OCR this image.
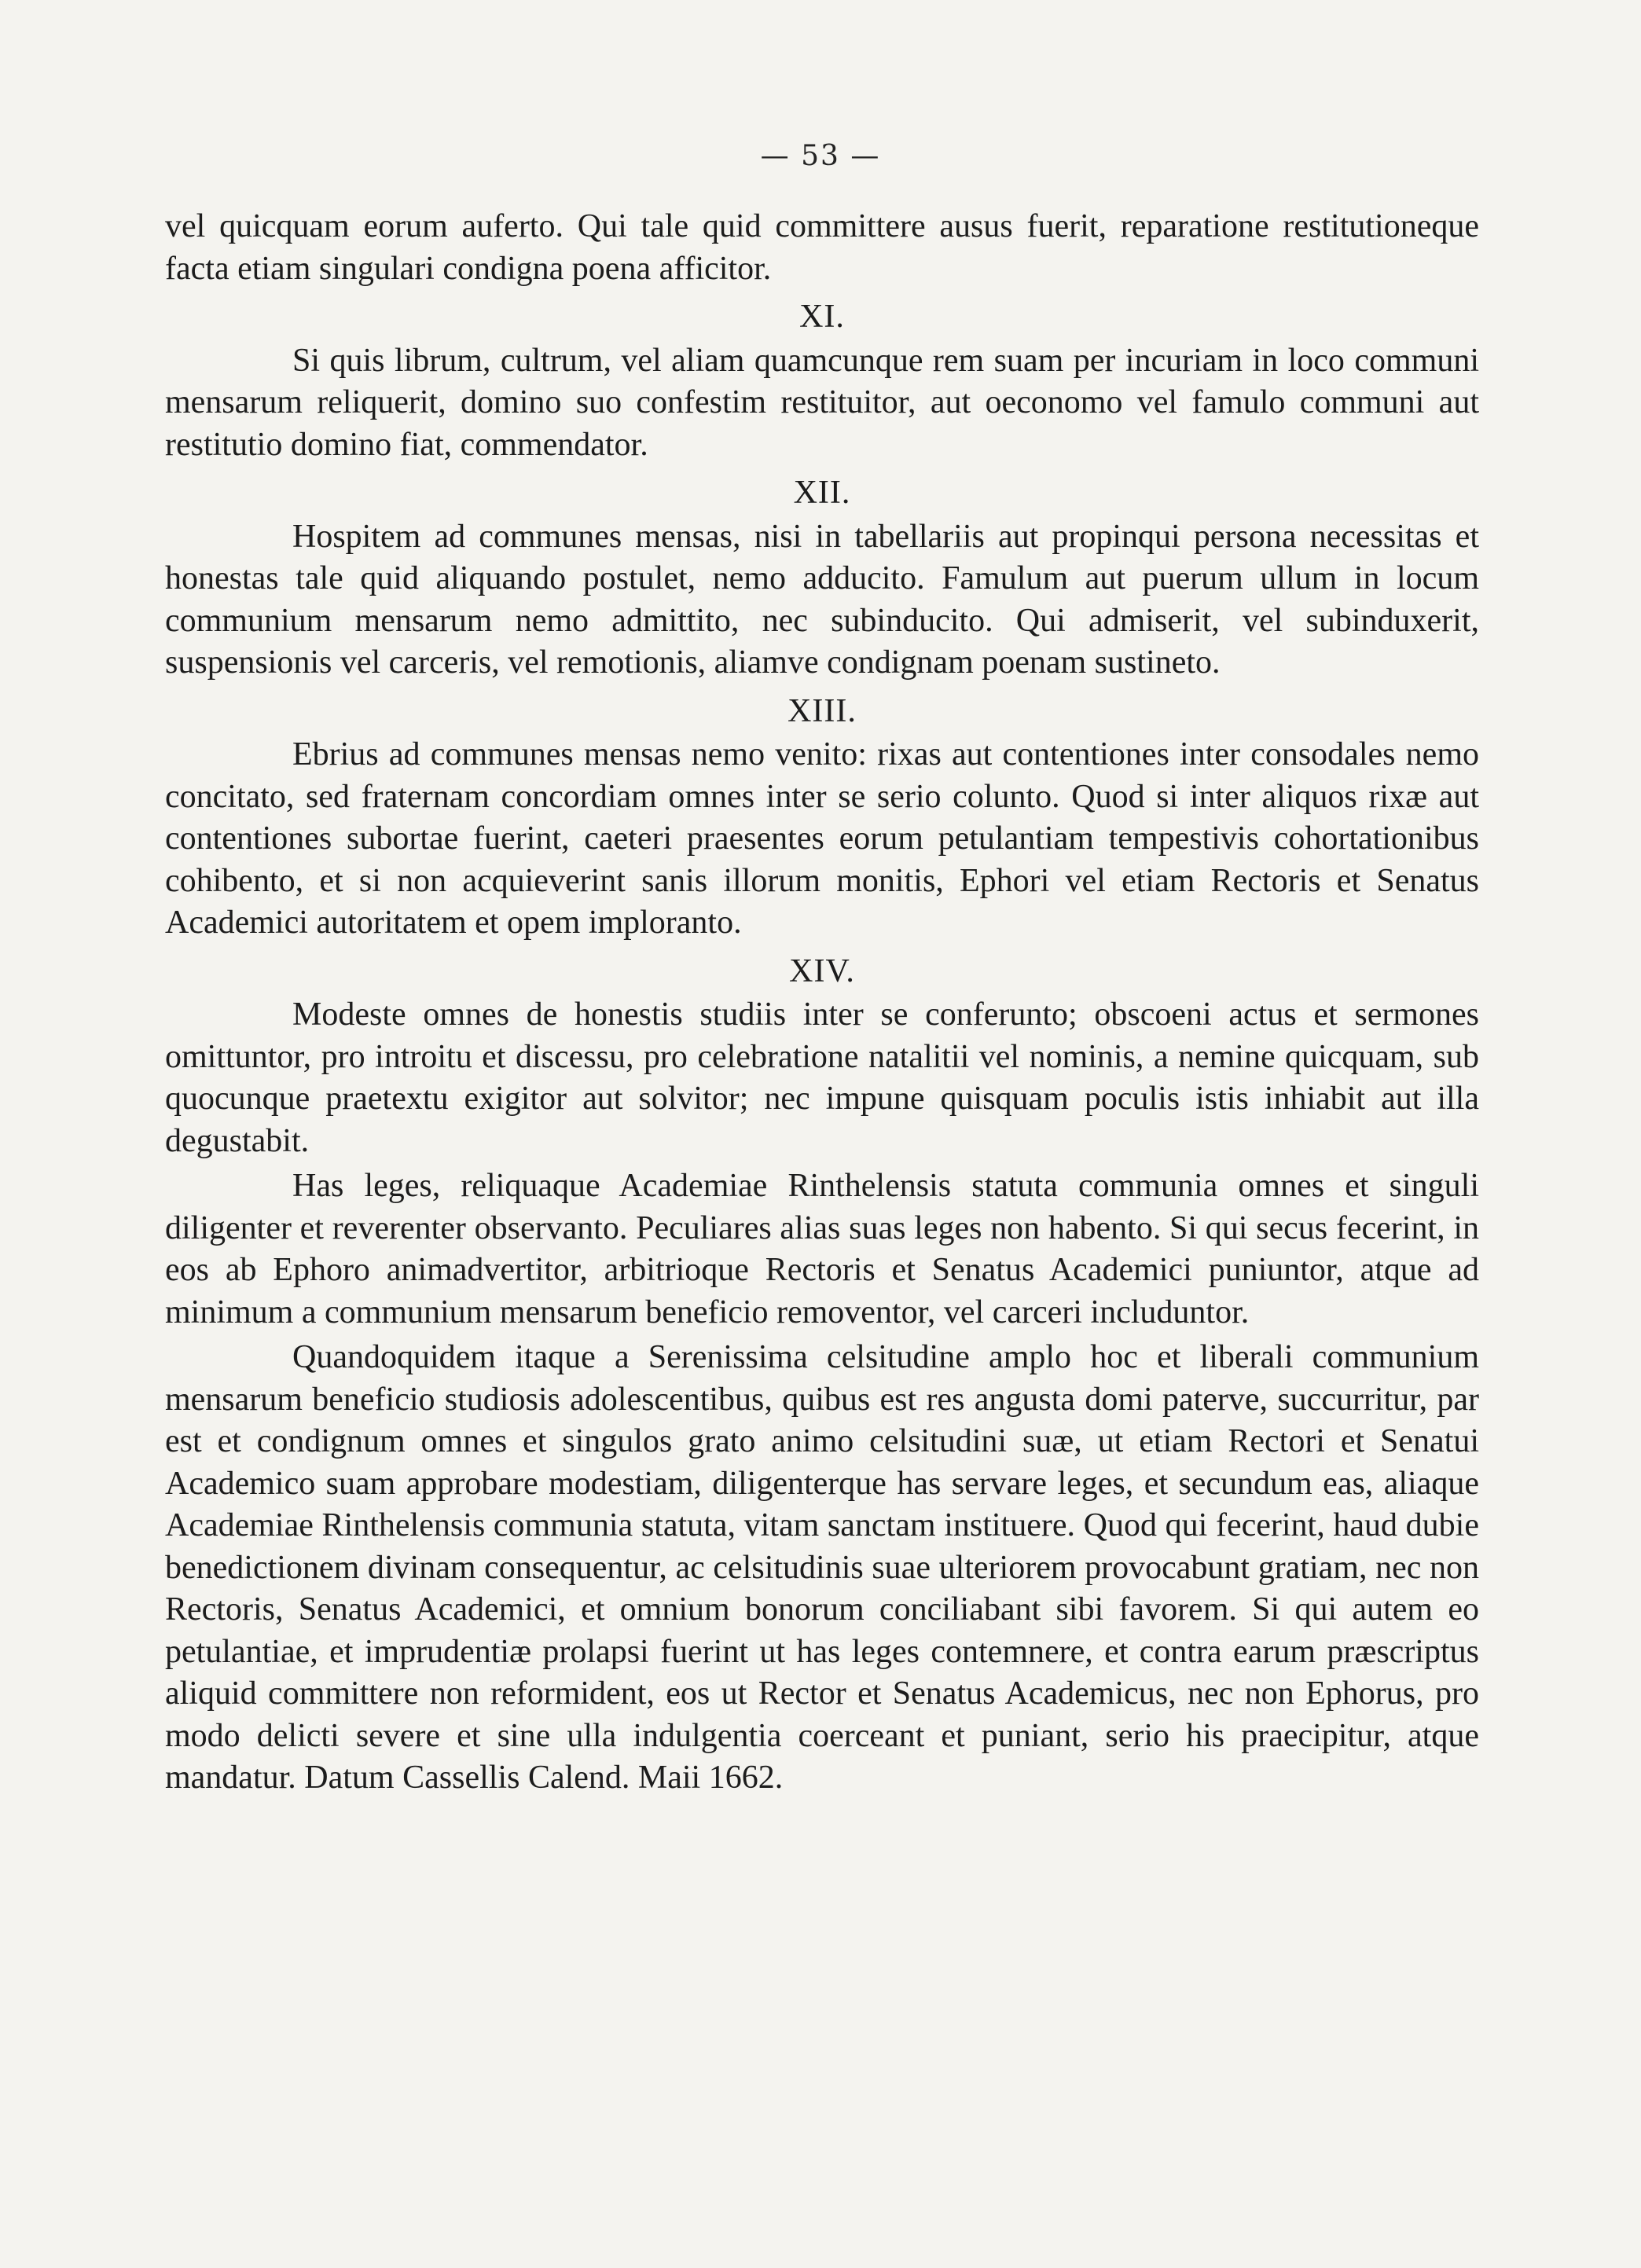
— 53 —

vel quicquam eorum auferto. Qui tale quid committere ausus fuerit, reparatione restitutioneque facta etiam singulari condigna poena afficitor.

XI.

Si quis librum, cultrum, vel aliam quamcunque rem suam per incuriam in loco communi mensarum reliquerit, domino suo confestim restituitor, aut oeconomo vel famulo communi aut restitutio domino fiat, commendator.

XII.

Hospitem ad communes mensas, nisi in tabellariis aut propinqui persona necessitas et honestas tale quid aliquando postulet, nemo adducito. Famulum aut puerum ullum in locum communium mensarum nemo admittito, nec subinducito. Qui admiserit, vel subinduxerit, suspensionis vel carceris, vel remotionis, aliamve condignam poenam sustineto.

XIII.

Ebrius ad communes mensas nemo venito: rixas aut contentiones inter consodales nemo concitato, sed fraternam concordiam omnes inter se serio colunto. Quod si inter aliquos rixæ aut contentiones subortae fuerint, caeteri praesentes eorum petulantiam tempestivis cohortationibus cohibento, et si non acquieverint sanis illorum monitis, Ephori vel etiam Rectoris et Senatus Academici autoritatem et opem imploranto.

XIV.

Modeste omnes de honestis studiis inter se conferunto; obscoeni actus et sermones omittuntor, pro introitu et discessu, pro celebratione natalitii vel nominis, a nemine quicquam, sub quocunque praetextu exigitor aut solvitor; nec impune quisquam poculis istis inhiabit aut illa degustabit.

Has leges, reliquaque Academiae Rinthelensis statuta communia omnes et singuli diligenter et reverenter observanto. Peculiares alias suas leges non habento. Si qui secus fecerint, in eos ab Ephoro animadvertitor, arbitrioque Rectoris et Senatus Academici puniuntor, atque ad minimum a communium mensarum beneficio removentor, vel carceri includuntor.

Quandoquidem itaque a Serenissima celsitudine amplo hoc et liberali communium mensarum beneficio studiosis adolescentibus, quibus est res angusta domi paterve, succurritur, par est et condignum omnes et singulos grato animo celsitudini suæ, ut etiam Rectori et Senatui Academico suam approbare modestiam, diligenterque has servare leges, et secundum eas, aliaque Academiae Rinthelensis communia statuta, vitam sanctam instituere. Quod qui fecerint, haud dubie benedictionem divinam consequentur, ac celsitudinis suae ulteriorem provocabunt gratiam, nec non Rectoris, Senatus Academici, et omnium bonorum conciliabant sibi favorem. Si qui autem eo petulantiae, et imprudentiæ prolapsi fuerint ut has leges contemnere, et contra earum præscriptus aliquid committere non reformident, eos ut Rector et Senatus Academicus, nec non Ephorus, pro modo delicti severe et sine ulla indulgentia coerceant et puniant, serio his praecipitur, atque mandatur. Datum Cassellis Calend. Maii 1662.
